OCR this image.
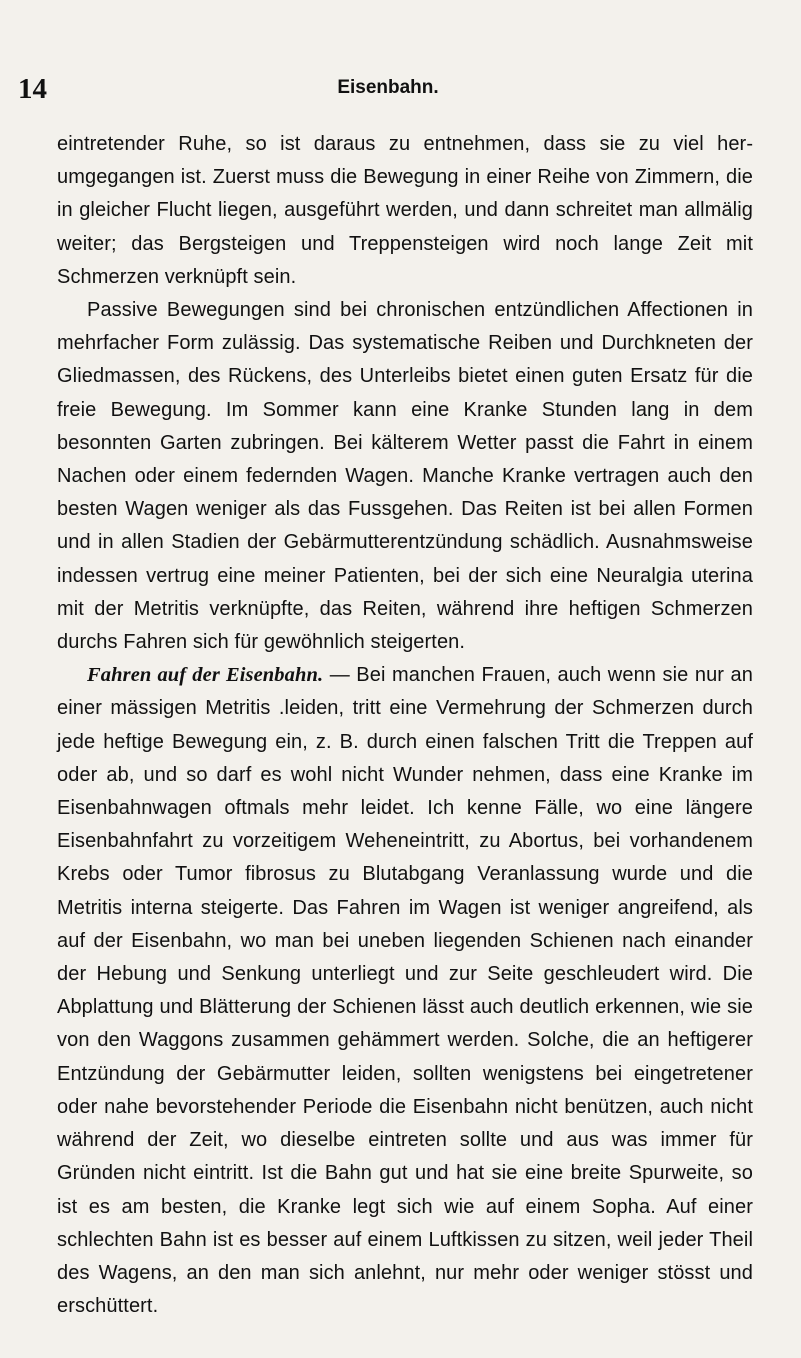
14	Eisenbahn.

eintretender Ruhe, so ist daraus zu entnehmen, dass sie zu viel herumgegangen ist. Zuerst muss die Bewegung in einer Reihe von Zimmern, die in gleicher Flucht liegen, ausgeführt werden, und dann schreitet man allmälig weiter; das Bergsteigen und Treppensteigen wird noch lange Zeit mit Schmerzen verknüpft sein.

Passive Bewegungen sind bei chronischen entzündlichen Affectionen in mehrfacher Form zulässig. Das systematische Reiben und Durchkneten der Gliedmassen, des Rückens, des Unterleibs bietet einen guten Ersatz für die freie Bewegung. Im Sommer kann eine Kranke Stunden lang in dem besonnten Garten zubringen. Bei kälterem Wetter passt die Fahrt in einem Nachen oder einem federnden Wagen. Manche Kranke vertragen auch den besten Wagen weniger als das Fussgehen. Das Reiten ist bei allen Formen und in allen Stadien der Gebärmutterentzündung schädlich. Ausnahmsweise indessen vertrug eine meiner Patienten, bei der sich eine Neuralgia uterina mit der Metritis verknüpfte, das Reiten, während ihre heftigen Schmerzen durchs Fahren sich für gewöhnlich steigerten.

Fahren auf der Eisenbahn. — Bei manchen Frauen, auch wenn sie nur an einer mässigen Metritis .leiden, tritt eine Vermehrung der Schmerzen durch jede heftige Bewegung ein, z. B. durch einen falschen Tritt die Treppen auf oder ab, und so darf es wohl nicht Wunder nehmen, dass eine Kranke im Eisenbahnwagen oftmals mehr leidet. Ich kenne Fälle, wo eine längere Eisenbahnfahrt zu vorzeitigem Weheneintritt, zu Abortus, bei vorhandenem Krebs oder Tumor fibrosus zu Blutabgang Veranlassung wurde und die Metritis interna steigerte. Das Fahren im Wagen ist weniger angreifend, als auf der Eisenbahn, wo man bei uneben liegenden Schienen nach einander der Hebung und Senkung unterliegt und zur Seite geschleudert wird. Die Abplattung und Blätterung der Schienen lässt auch deutlich erkennen, wie sie von den Waggons zusammen gehämmert werden. Solche, die an heftigerer Entzündung der Gebärmutter leiden, sollten wenigstens bei eingetretener oder nahe bevorstehender Periode die Eisenbahn nicht benützen, auch nicht während der Zeit, wo dieselbe eintreten sollte und aus was immer für Gründen nicht eintritt. Ist die Bahn gut und hat sie eine breite Spurweite, so ist es am besten, die Kranke legt sich wie auf einem Sopha. Auf einer schlechten Bahn ist es besser auf einem Luftkissen zu sitzen, weil jeder Theil des Wagens, an den man sich anlehnt, nur mehr oder weniger stösst und erschüttert.
